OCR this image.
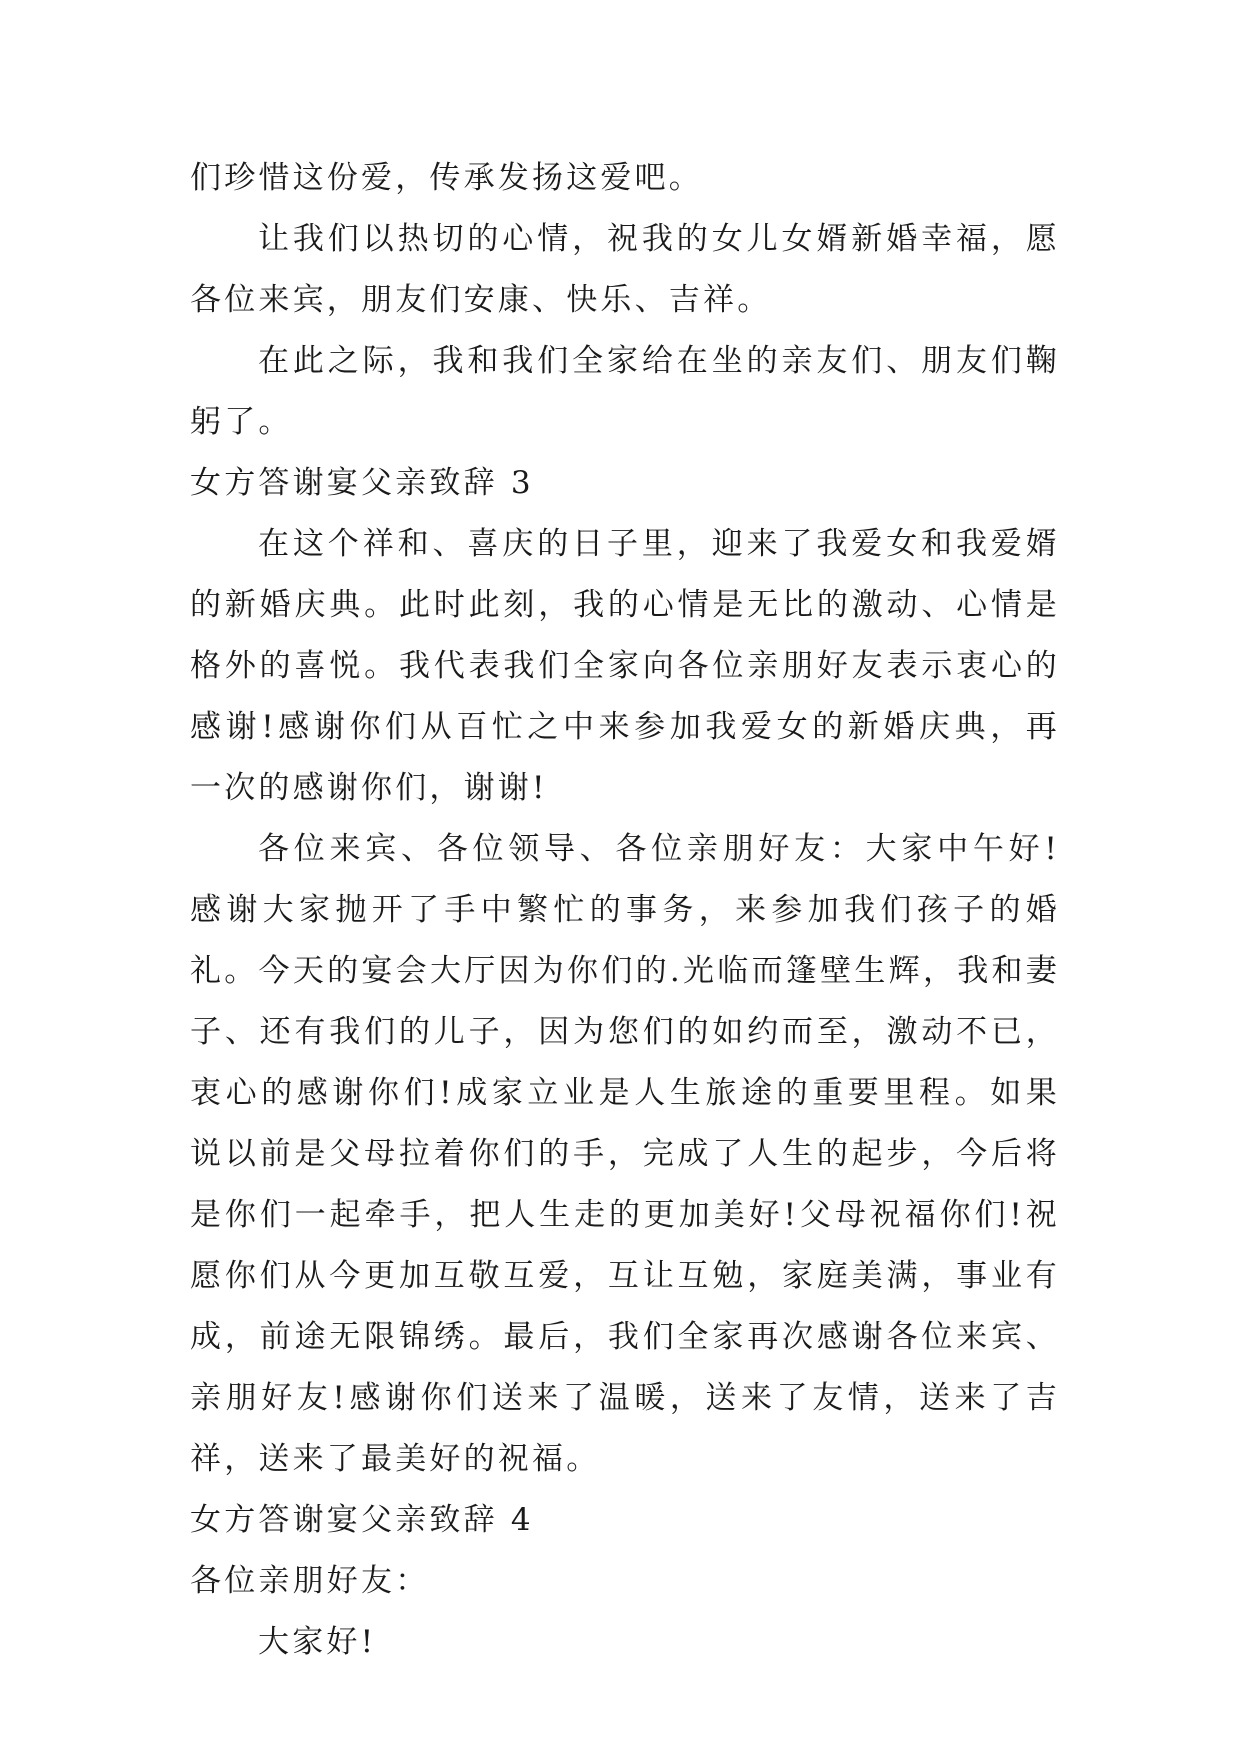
们珍惜这份爱，传承发扬这爱吧。

让我们以热切的心情，祝我的女儿女婿新婚幸福，愿各位来宾，朋友们安康、快乐、吉祥。

在此之际，我和我们全家给在坐的亲友们、朋友们鞠躬了。

女方答谢宴父亲致辞 3

在这个祥和、喜庆的日子里，迎来了我爱女和我爱婿的新婚庆典。此时此刻，我的心情是无比的激动、心情是格外的喜悦。我代表我们全家向各位亲朋好友表示衷心的感谢!感谢你们从百忙之中来参加我爱女的新婚庆典，再一次的感谢你们，谢谢!

各位来宾、各位领导、各位亲朋好友：大家中午好!感谢大家抛开了手中繁忙的事务，来参加我们孩子的婚礼。今天的宴会大厅因为你们的.光临而篷壁生辉，我和妻子、还有我们的儿子，因为您们的如约而至，激动不已，衷心的感谢你们!成家立业是人生旅途的重要里程。如果说以前是父母拉着你们的手，完成了人生的起步，今后将是你们一起牵手，把人生走的更加美好!父母祝福你们!祝愿你们从今更加互敬互爱，互让互勉，家庭美满，事业有成，前途无限锦绣。最后，我们全家再次感谢各位来宾、亲朋好友!感谢你们送来了温暖，送来了友情，送来了吉祥，送来了最美好的祝福。

女方答谢宴父亲致辞 4

各位亲朋好友：

大家好!
